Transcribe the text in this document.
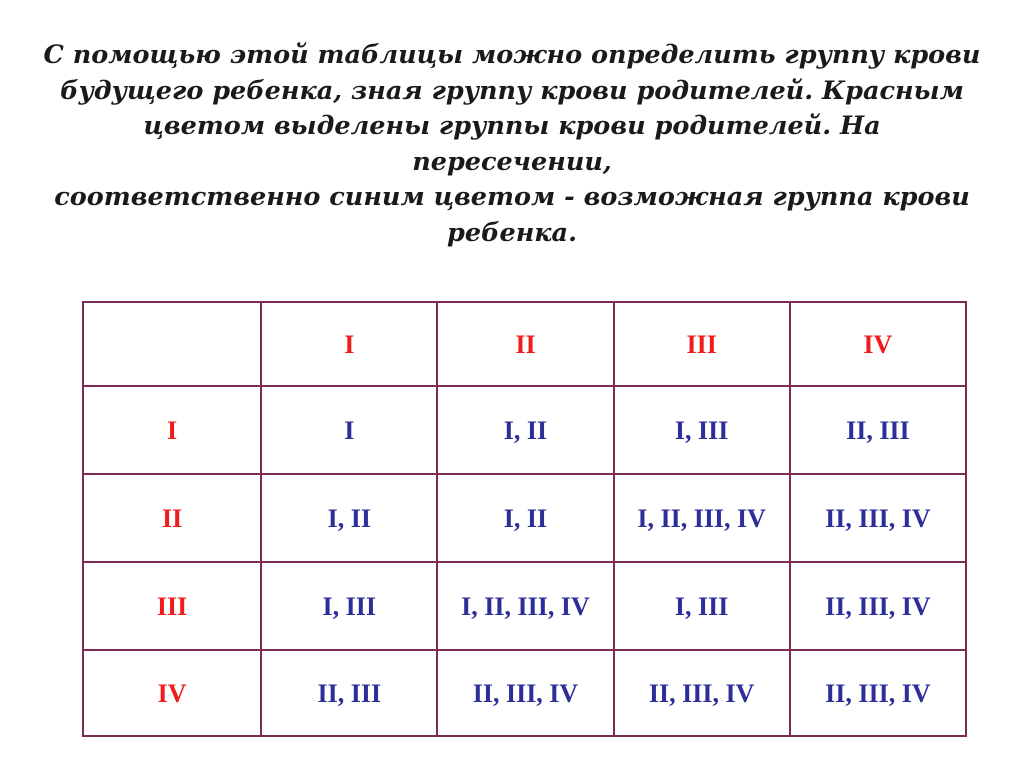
С помощью этой таблицы можно определить группу крови
будущего ребенка, зная группу крови родителей. Красным
цветом выделены группы крови родителей. На пересечении,
соответственно синим цветом - возможная группа крови
ребенка.

	I	II	III	IV
I	I	I, II	I, III	II, III
II	I, II	I, II	I, II, III, IV	II, III, IV
III	I, III	I, II, III, IV	I, III	II, III, IV
IV	II, III	II, III, IV	II, III, IV	II, III, IV
